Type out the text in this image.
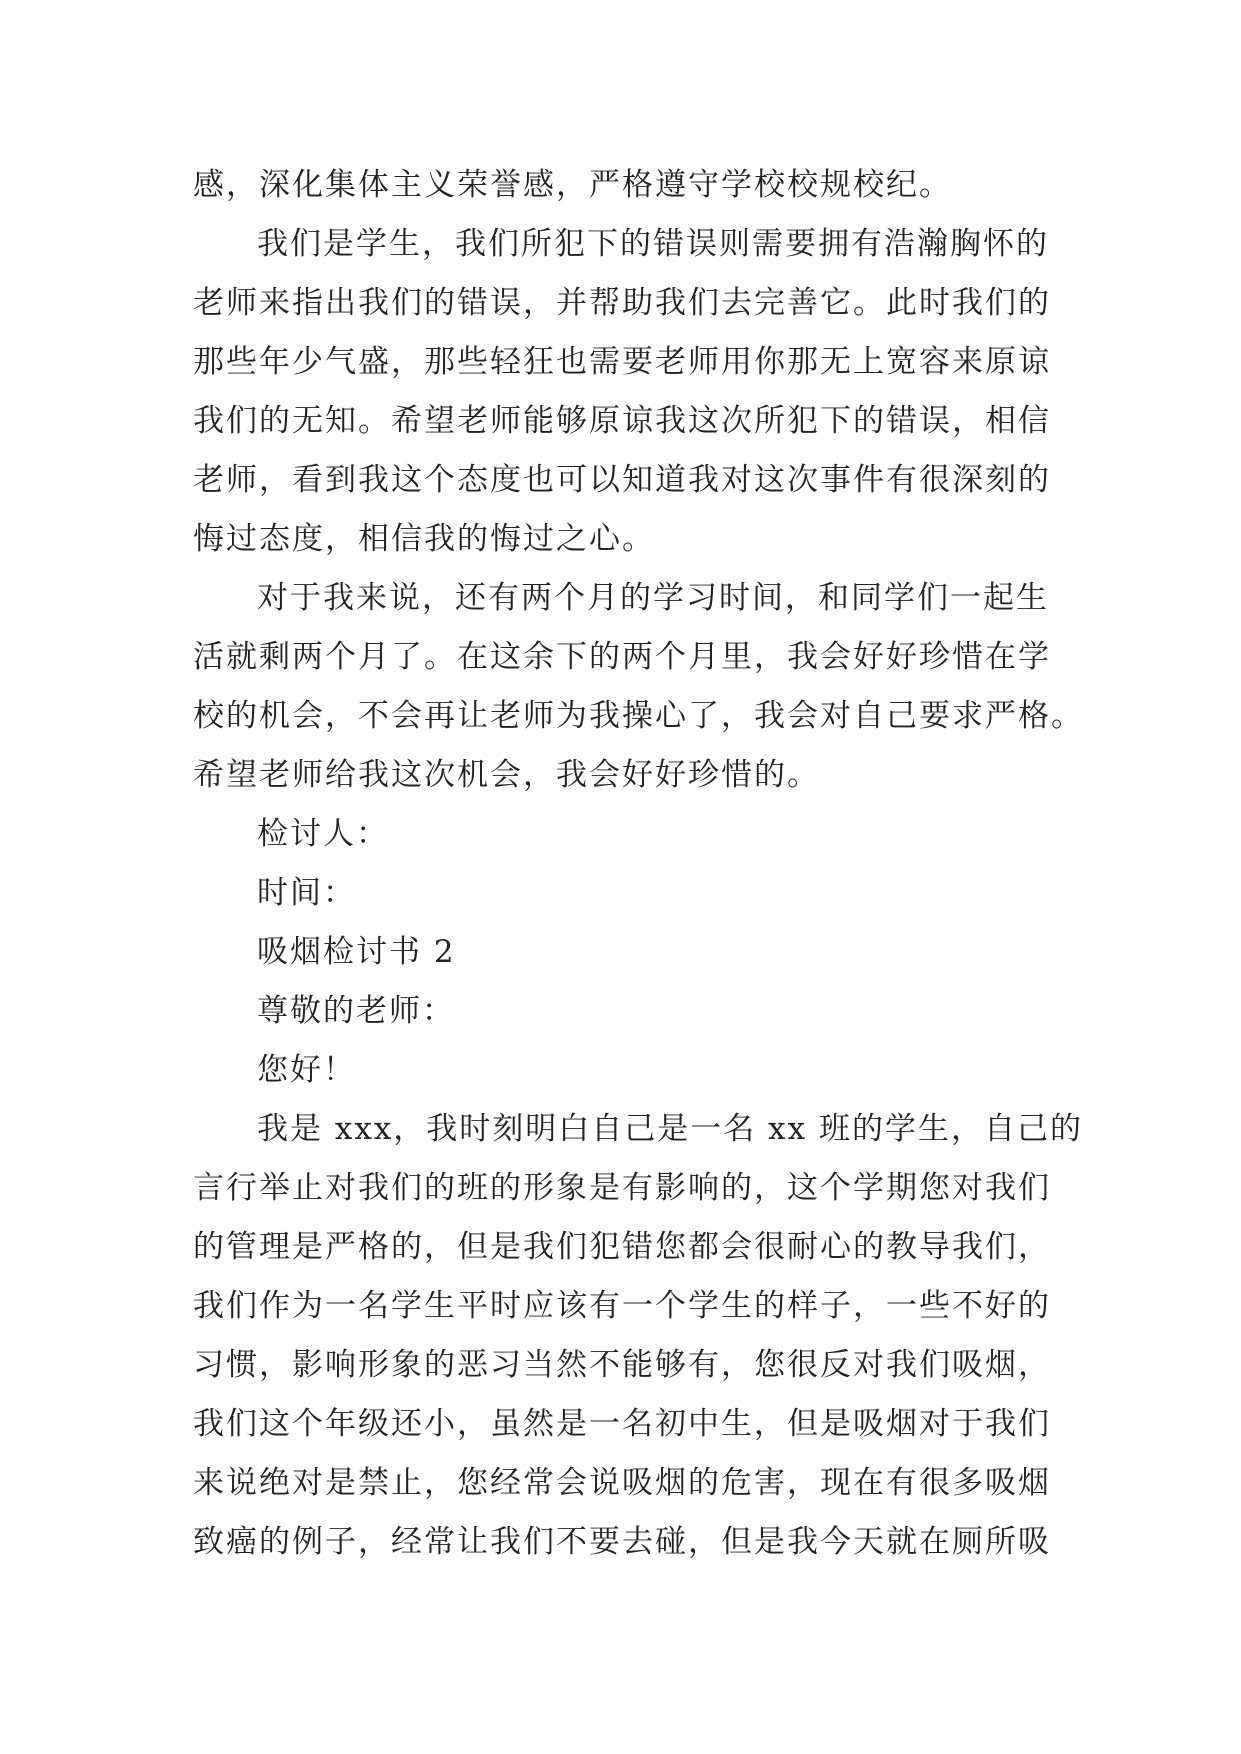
感，深化集体主义荣誉感，严格遵守学校校规校纪。
我们是学生，我们所犯下的错误则需要拥有浩瀚胸怀的
老师来指出我们的错误，并帮助我们去完善它。此时我们的
那些年少气盛，那些轻狂也需要老师用你那无上宽容来原谅
我们的无知。希望老师能够原谅我这次所犯下的错误，相信
老师，看到我这个态度也可以知道我对这次事件有很深刻的
悔过态度，相信我的悔过之心。
对于我来说，还有两个月的学习时间，和同学们一起生
活就剩两个月了。在这余下的两个月里，我会好好珍惜在学
校的机会，不会再让老师为我操心了，我会对自己要求严格。
希望老师给我这次机会，我会好好珍惜的。
检讨人：
时间：
吸烟检讨书 2
尊敬的老师：
您好！
我是 xxx，我时刻明白自己是一名 xx 班的学生，自己的
言行举止对我们的班的形象是有影响的，这个学期您对我们
的管理是严格的，但是我们犯错您都会很耐心的教导我们，
我们作为一名学生平时应该有一个学生的样子，一些不好的
习惯，影响形象的恶习当然不能够有，您很反对我们吸烟，
我们这个年级还小，虽然是一名初中生，但是吸烟对于我们
来说绝对是禁止，您经常会说吸烟的危害，现在有很多吸烟
致癌的例子，经常让我们不要去碰，但是我今天就在厕所吸
